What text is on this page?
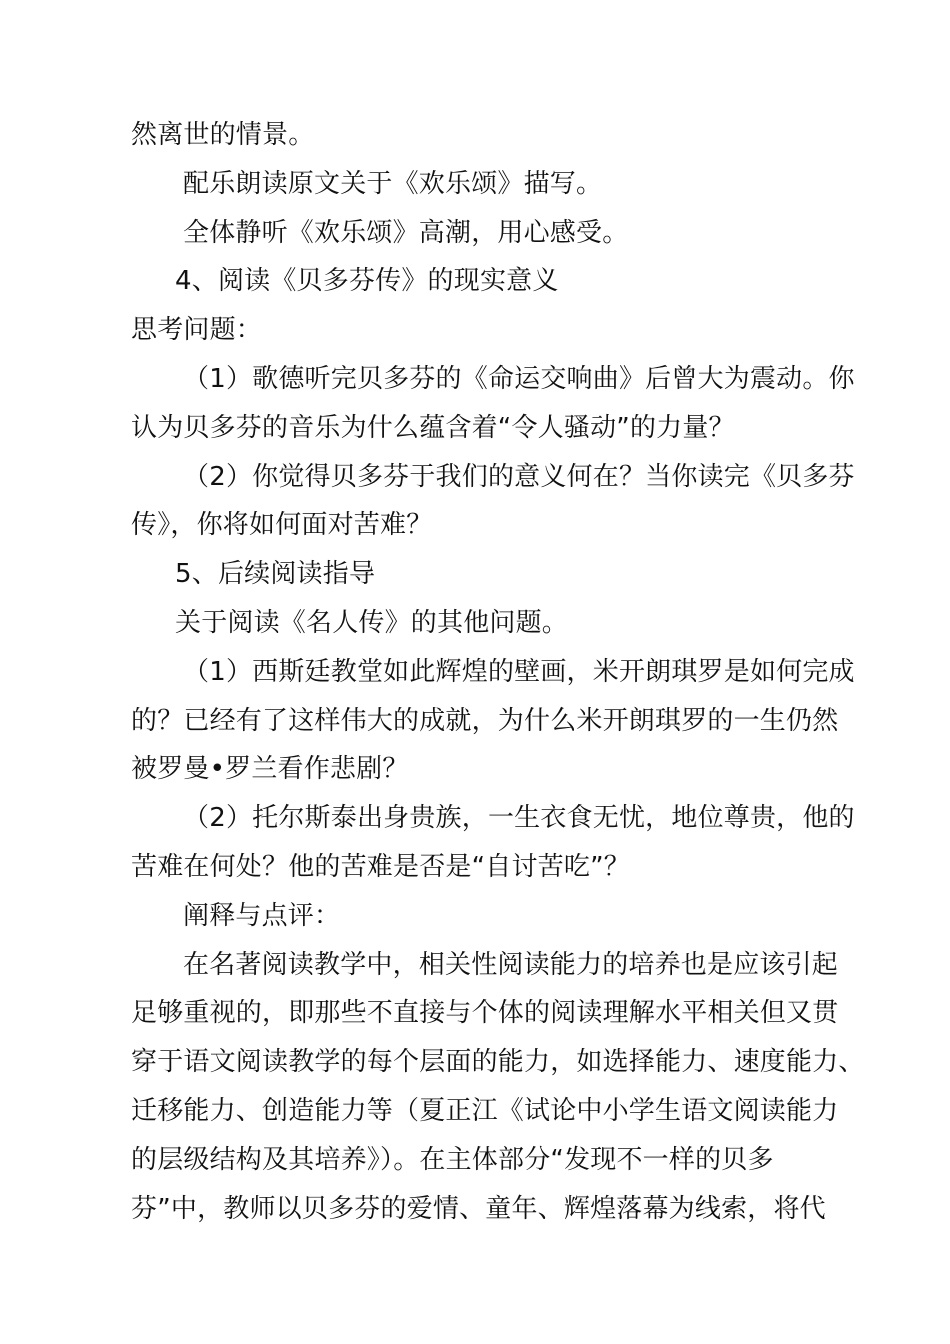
然离世的情景。
配乐朗读原文关于《欢乐颂》描写。
全体静听《欢乐颂》高潮，用心感受。
4、阅读《贝多芬传》的现实意义
思考问题：
（1）歌德听完贝多芬的《命运交响曲》后曾大为震动。你
认为贝多芬的音乐为什么蕴含着“令人骚动”的力量？
（2）你觉得贝多芬于我们的意义何在？当你读完《贝多芬
传》，你将如何面对苦难？
5、后续阅读指导
关于阅读《名人传》的其他问题。
（1）西斯廷教堂如此辉煌的壁画，米开朗琪罗是如何完成
的？已经有了这样伟大的成就，为什么米开朗琪罗的一生仍然
被罗曼•罗兰看作悲剧？
（2）托尔斯泰出身贵族，一生衣食无忧，地位尊贵，他的
苦难在何处？他的苦难是否是“自讨苦吃”？
阐释与点评：
在名著阅读教学中，相关性阅读能力的培养也是应该引起
足够重视的，即那些不直接与个体的阅读理解水平相关但又贯
穿于语文阅读教学的每个层面的能力，如选择能力、速度能力、
迁移能力、创造能力等（夏正江《试论中小学生语文阅读能力
的层级结构及其培养》）。在主体部分“发现不一样的贝多
芬”中，教师以贝多芬的爱情、童年、辉煌落幕为线索，将代
